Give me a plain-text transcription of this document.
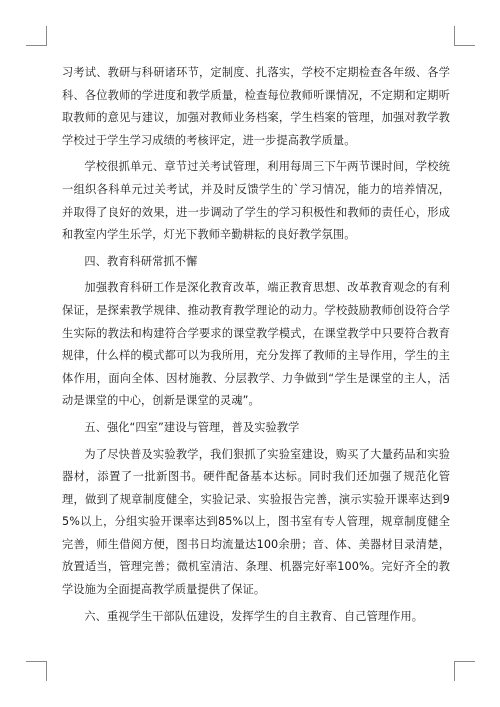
习考试、教研与科研诸环节，定制度、扎落实，学校不定期检查各年级、各学科、各位教师的学进度和教学质量，检查每位教师听课情况，不定期和定期听取教师的意见与建议，加强对教师业务档案，学生档案的管理，加强对教学教学校过于学生学习成绩的考核评定，进一步提高教学质量。

学校很抓单元、章节过关考试管理，利用每周三下午两节课时间，学校统一组织各科单元过关考试，并及时反馈学生的`学习情况，能力的培养情况，并取得了良好的效果，进一步调动了学生的学习积极性和教师的责任心，形成和教室内学生乐学，灯光下教师辛勤耕耘的良好教学氛围。

四、教育科研常抓不懈

加强教育科研工作是深化教育改革，端正教育思想、改革教育观念的有利保证，是探索教学规律、推动教育教学理论的动力。学校鼓励教师创设符合学生实际的教法和构建符合学要求的课堂教学模式，在课堂教学中只要符合教育规律，什么样的模式都可以为我所用，充分发挥了教师的主导作用，学生的主体作用，面向全体、因材施教、分层教学、力争做到“学生是课堂的主人，活动是课堂的中心，创新是课堂的灵魂”。

五、强化“四室”建设与管理，普及实验教学

为了尽快普及实验教学，我们狠抓了实验室建设，购买了大量药品和实验器材，添置了一批新图书。硬件配备基本达标。同时我们还加强了规范化管理，做到了规章制度健全，实验记录、实验报告完善，演示实验开课率达到95%以上，分组实验开课率达到85%以上，图书室有专人管理，规章制度健全完善，师生借阅方便，图书日均流量达100余册；音、体、美器材目录清楚，放置适当，管理完善；微机室清洁、条理、机器完好率100%。完好齐全的教学设施为全面提高教学质量提供了保证。

六、重视学生干部队伍建设，发挥学生的自主教育、自己管理作用。
